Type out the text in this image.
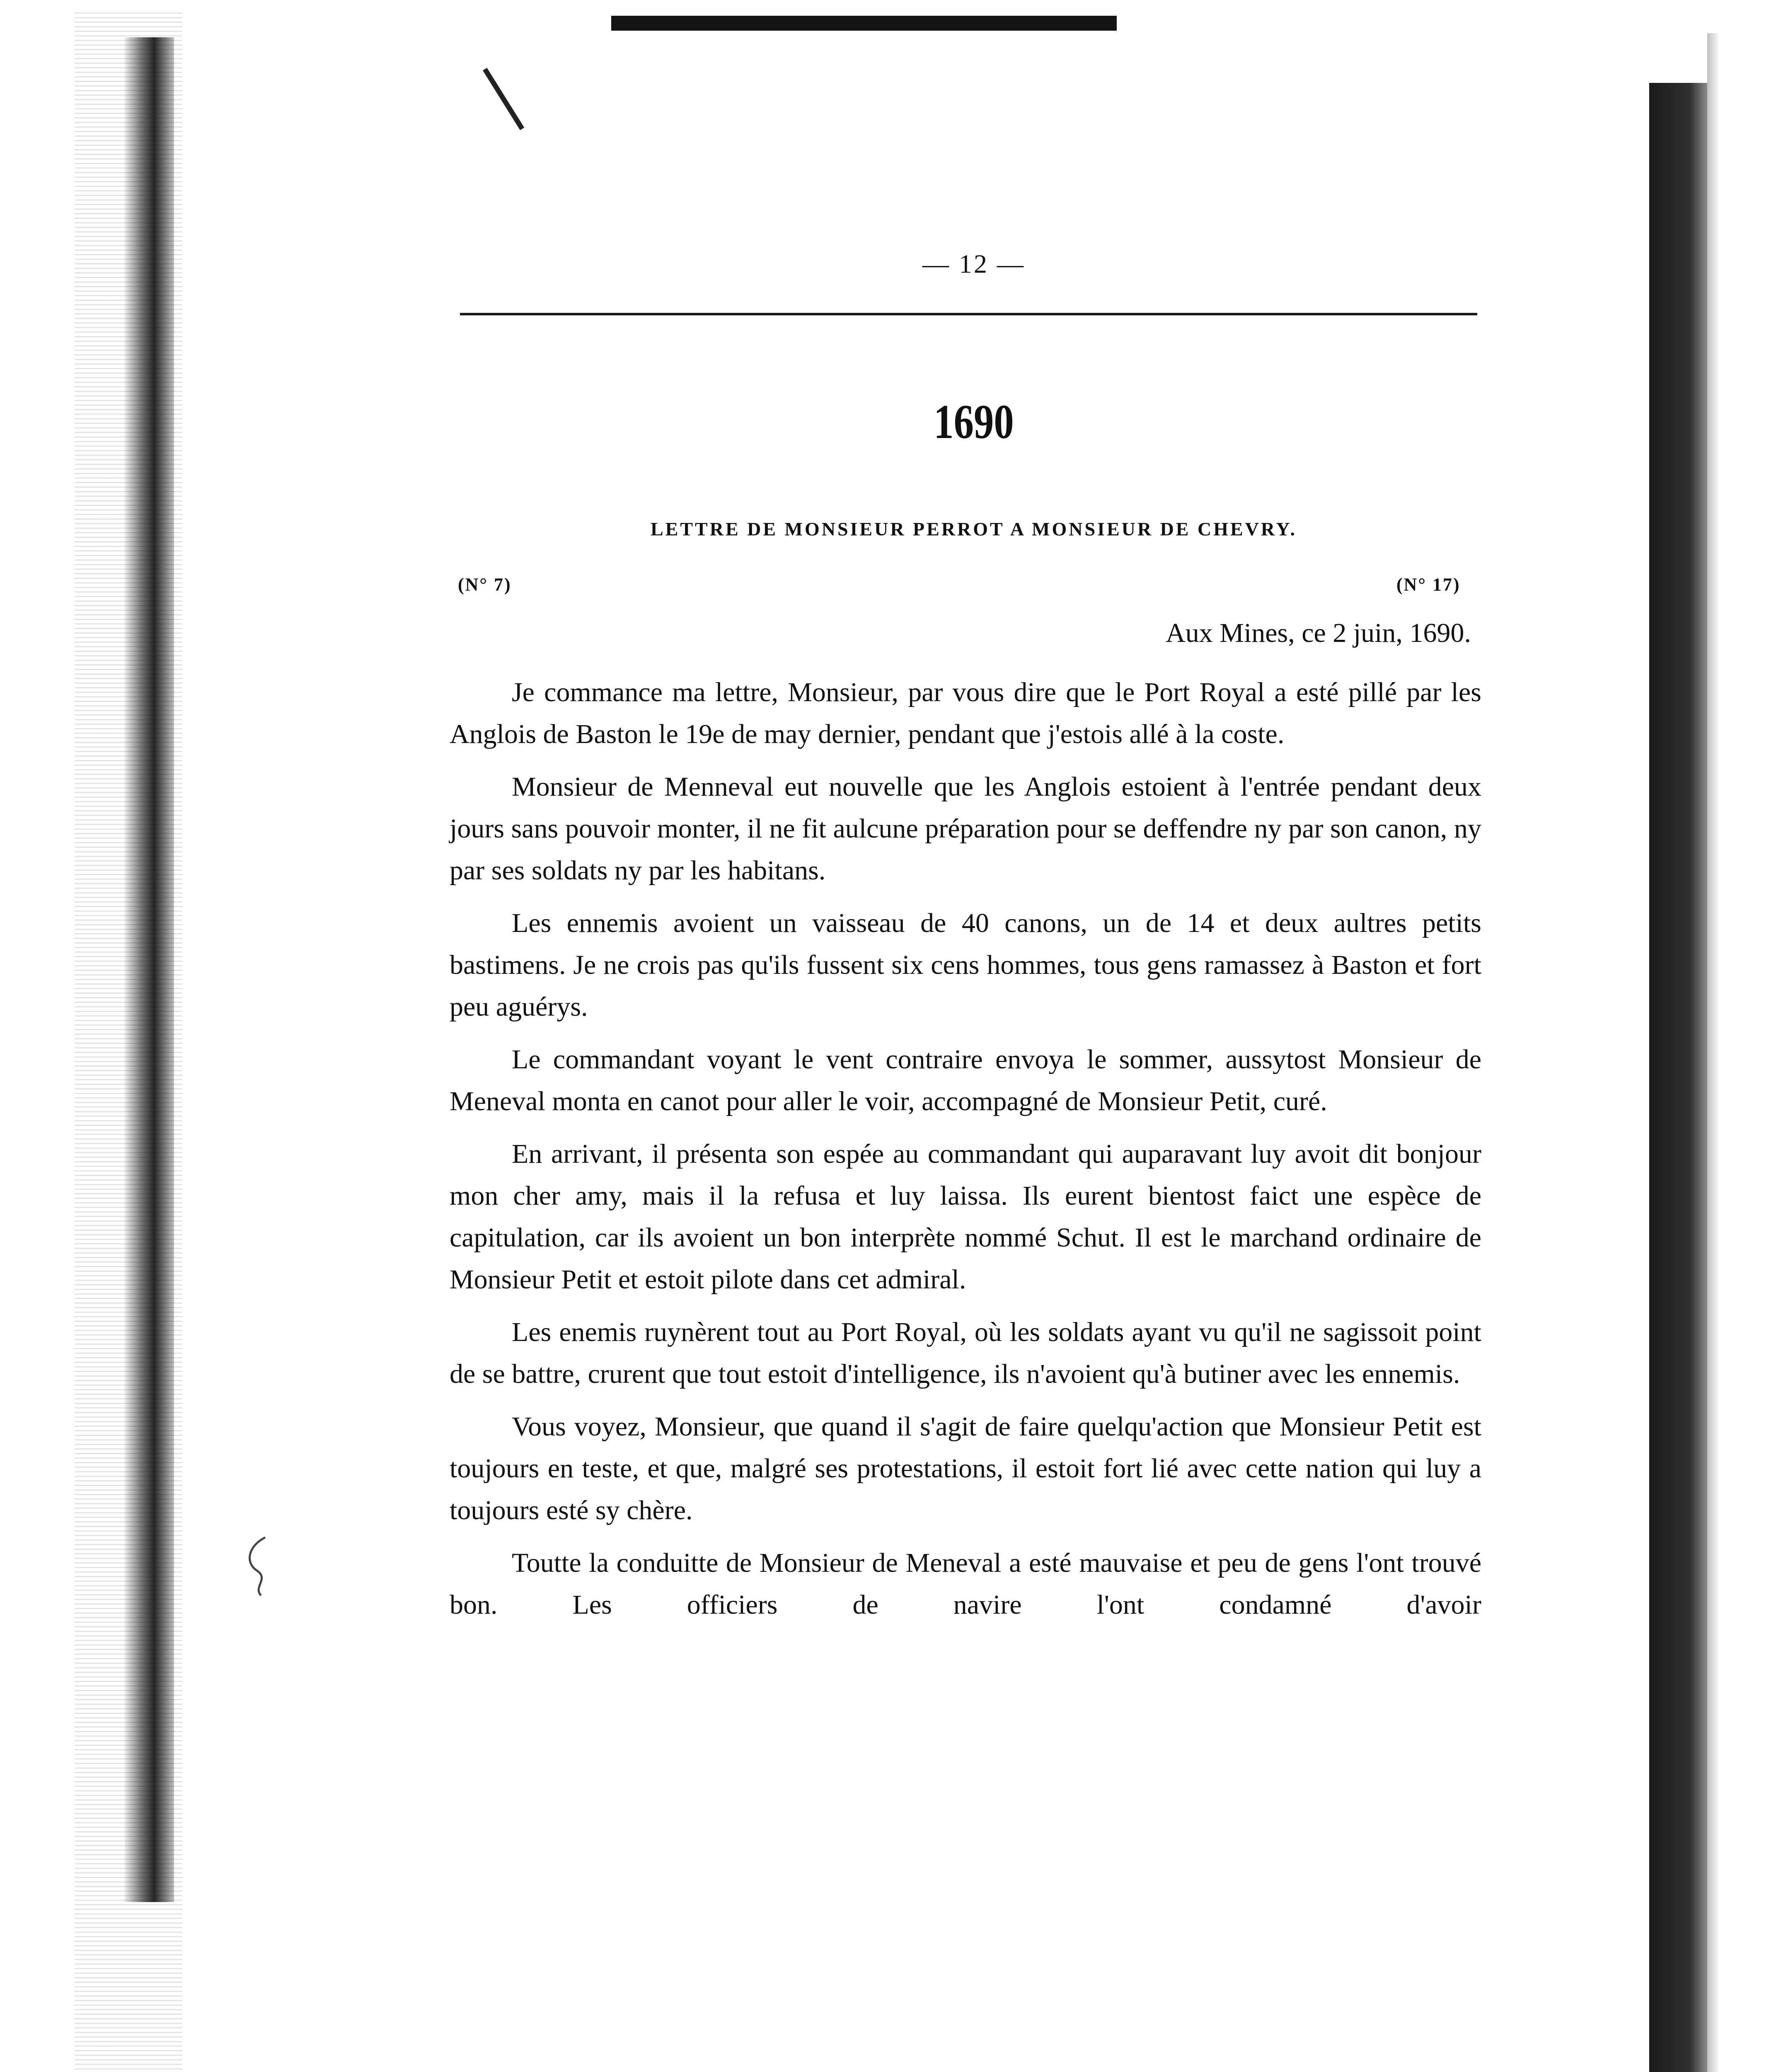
— 12 —
1690
LETTRE DE MONSIEUR PERROT A MONSIEUR DE CHEVRY.
(N° 7)	(N° 17)
Aux Mines, ce 2 juin, 1690.

Je commance ma lettre, Monsieur, par vous dire que le Port Royal a esté pillé par les Anglois de Baston le 19e de may dernier, pendant que j'estois allé à la coste.

Monsieur de Menneval eut nouvelle que les Anglois estoient à l'entrée pendant deux jours sans pouvoir monter, il ne fit aulcune préparation pour se deffendre ny par son canon, ny par ses soldats ny par les habitans.

Les ennemis avoient un vaisseau de 40 canons, un de 14 et deux aultres petits bastimens. Je ne crois pas qu'ils fussent six cens hommes, tous gens ramassez à Baston et fort peu aguérys.

Le commandant voyant le vent contraire envoya le sommer, aussytost Monsieur de Meneval monta en canot pour aller le voir, accompagné de Monsieur Petit, curé.

En arrivant, il présenta son espée au commandant qui auparavant luy avoit dit bonjour mon cher amy, mais il la refusa et luy laissa. Ils eurent bientost faict une espèce de capitulation, car ils avoient un bon interprète nommé Schut. Il est le marchand ordinaire de Monsieur Petit et estoit pilote dans cet admiral.

Les enemis ruynèrent tout au Port Royal, où les soldats ayant vu qu'il ne sagissoit point de se battre, crurent que tout estoit d'intelligence, ils n'avoient qu'à butiner avec les ennemis.

Vous voyez, Monsieur, que quand il s'agit de faire quelqu'action que Monsieur Petit est toujours en teste, et que, malgré ses protestations, il estoit fort lié avec cette nation qui luy a toujours esté sy chère.

Toutte la conduitte de Monsieur de Meneval a esté mauvaise et peu de gens l'ont trouvé bon. Les officiers de navire l'ont condamné d'avoir
